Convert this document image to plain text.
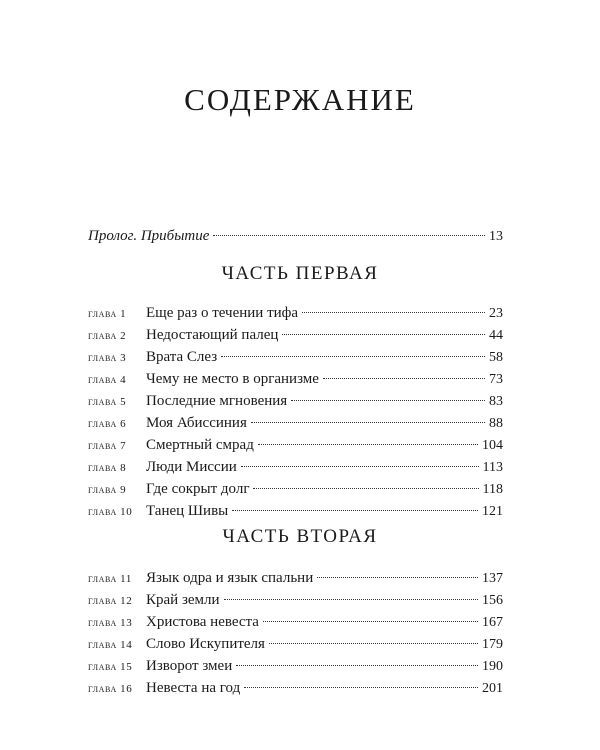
СОДЕРЖАНИЕ
Пролог. Прибытие	13
ЧАСТЬ ПЕРВАЯ
глава 1	Еще раз о течении тифа	23
глава 2	Недостающий палец	44
глава 3	Врата Слез	58
глава 4	Чему не место в организме	73
глава 5	Последние мгновения	83
глава 6	Моя Абиссиния	88
глава 7	Смертный смрад	104
глава 8	Люди Миссии	113
глава 9	Где сокрыт долг	118
глава 10 Танец Шивы	121
ЧАСТЬ ВТОРАЯ
глава 11 Язык одра и язык спальни	137
глава 12 Край земли	156
глава 13 Христова невеста	167
глава 14 Слово Искупителя	179
глава 15 Изворот змеи	190
глава 16 Невеста на год	201
